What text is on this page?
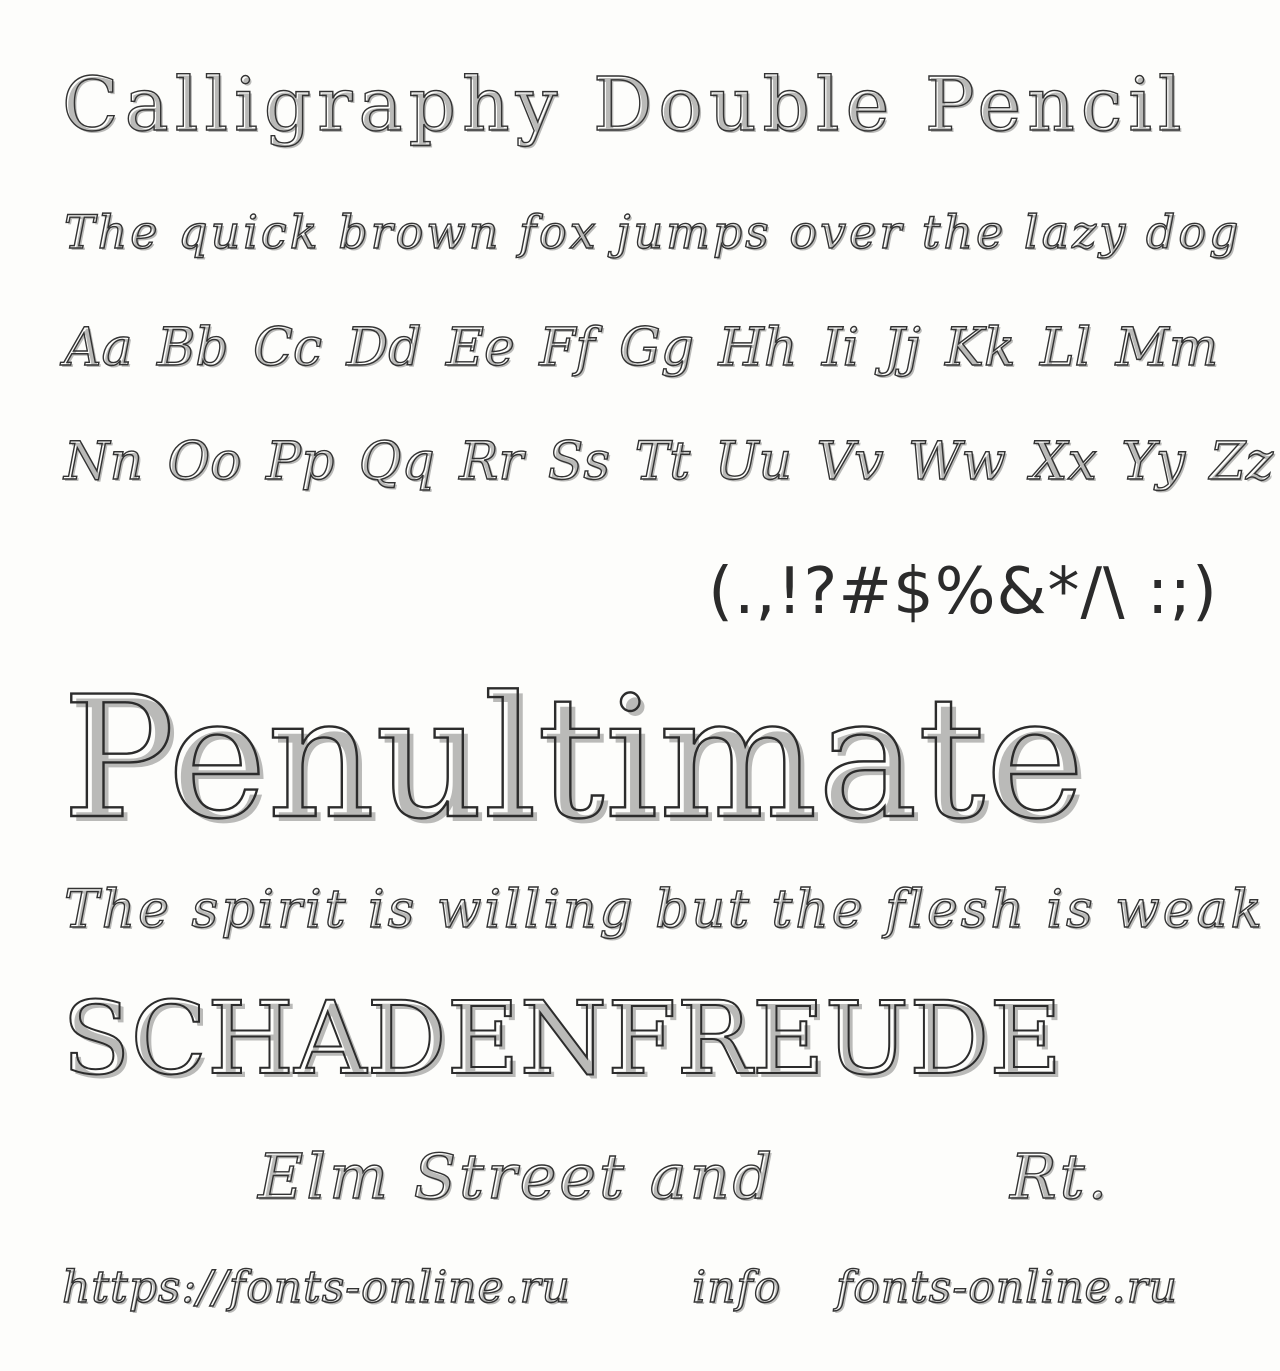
Calligraphy Double Pencil
The quick brown fox jumps over the lazy dog
Aa Bb Cc Dd Ee Ff Gg Hh Ii Jj Kk Ll Mm
Nn Oo Pp Qq Rr Ss Tt Uu Vv Ww Xx Yy Zz
(.,!?#$%&*/\ :;)
Penultimate
The spirit is willing but the flesh is weak
SCHADENFREUDE
Elm Street and	Rt.
https://fonts-online.ru	info fonts-online.ru
